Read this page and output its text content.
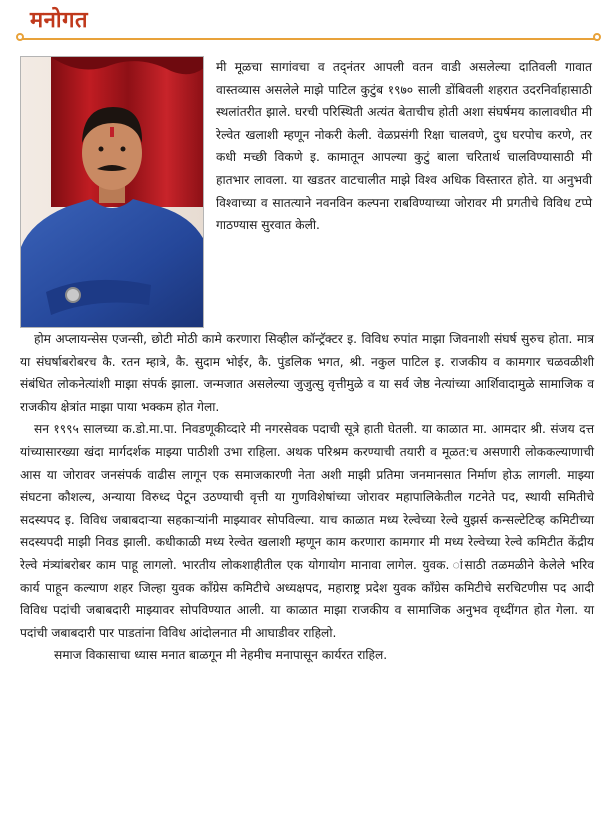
मनोगत
मी मूळचा सागांवचा व तद्नंतर आपली वतन वाडी असलेल्या दातिवली गावात वास्तव्यास असलेले माझे पाटिल कुटुंब १९७० साली डोंबिवली शहरात उदरनिर्वाहासाठी स्थलांतरीत झाले. घरची परिस्थिती अत्यंत बेताचीच होती अशा संघर्षमय कालावधीत मी रेल्वेत खलाशी म्हणून नोकरी केली. वेळप्रसंगी रिक्षा चालवणे, दुध घरपोच करणे, तर कधी मच्छी विकणे इ. कामातून आपल्या कुटुं बाला चरितार्थ चालविण्यासाठी मी हातभार लावला. या खडतर वाटचालीत माझे विश्व अधिक विस्तारत होते. या अनुभवी विश्वाच्या व सातत्याने नवनविन कल्पना राबविण्याच्या जोरावर मी प्रगतीचे विविध टप्पे गाठण्यास सुरवात केली.

होम अप्लायन्सेस एजन्सी, छोटी मोठी कामे करणारा सिव्हील कॉन्ट्रॅक्टर इ. विविध रुपांत माझा जिवनाशी संघर्ष सुरुच होता. मात्र या संघर्षाबरोबरच कै. रतन म्हात्रे, कै. सुदाम भोईर, कै. पुंडलिक भगत, श्री. नकुल पाटिल इ. राजकीय व कामगार चळवळीशी संबंधित लोकनेत्यांशी माझा संपर्क झाला. जन्मजात असलेल्या जुजुत्सु वृत्तीमुळे व या सर्व जेष्ठ नेत्यांच्या आर्शिवादामुळे सामाजिक व राजकीय क्षेत्रांत माझा पाया भक्कम होत गेला.

सन १९९५ सालच्या क.डो.मा.पा. निवडणूकीव्दारे मी नगरसेवक पदाची सूत्रे हाती घेतली. या काळात मा. आमदार श्री. संजय दत्त यांच्यासारख्या खंदा मार्गदर्शक माझ्या पाठीशी उभा राहिला. अथक परिश्रम करण्याची तयारी व मूळत:च असणारी लोककल्याणाची आस या जोरावर जनसंपर्क वाढीस लागून एक समाजकारणी नेता अशी माझी प्रतिमा जनमानसात निर्माण होऊ लागली. माझ्या संघटना कौशल्य, अन्याया विरुध्द पेटून उठण्याची वृत्ती या गुणविशेषांच्या जोरावर महापालिकेतील गटनेते पद, स्थायी समितीचे सदस्यपद इ. विविध जबाबदाऱ्या सहकाऱ्यांनी माझ्यावर सोपविल्या. याच काळात मध्य रेल्वेच्या रेल्वे युझर्स कन्सल्टेटिव्ह कमिटीच्या सदस्यपदी माझी निवड झाली. कधीकाळी मध्य रेल्वेत खलाशी म्हणून काम करणारा कामगार मी मध्य रेल्वेच्या रेल्वे कमिटीत केंद्रीय रेल्वे मंत्र्यांबरोबर काम पाहू लागलो. भारतीय लोकशाहीतील एक योगायोग मानावा लागेल. युवक. ांसाठी तळमळीने केलेले भरिव कार्य पाहून कल्याण शहर जिल्हा युवक कॉंग्रेस कमिटीचे अध्यक्षपद, महाराष्ट्र प्रदेश युवक कॉंग्रेस कमिटीचे सरचिटणीस पद आदी विविध पदांची जबाबदारी माझ्यावर सोपविण्यात आली. या काळात माझा राजकीय व सामाजिक अनुभव वृध्दींगत होत गेला. या पदांची जबाबदारी पार पाडतांना विविध आंदोलनात मी आघाडीवर राहिलो.

समाज विकासाचा ध्यास मनात बाळगून मी नेहमीच मनापासून कार्यरत राहिल.
